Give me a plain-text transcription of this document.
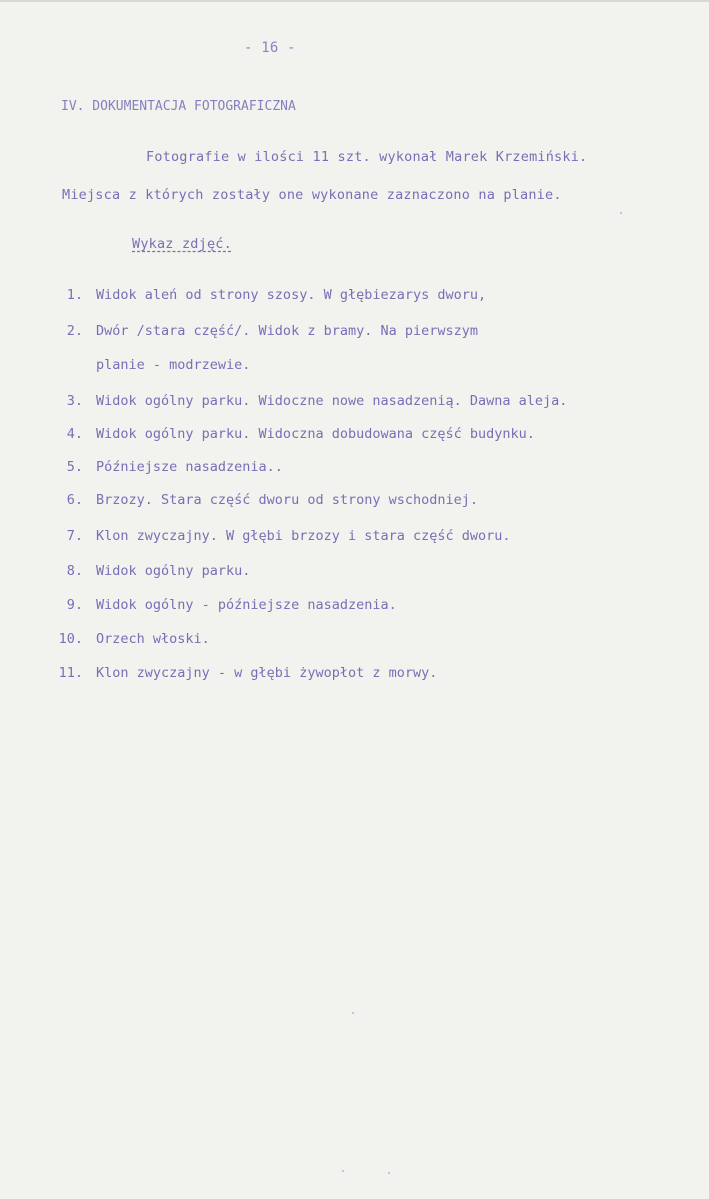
- 16 -
IV. DOKUMENTACJA FOTOGRAFICZNA
Fotografie w ilości 11 szt. wykonał Marek Krzemiński.
Miejsca z których zostały one wykonane zaznaczono na planie.
Wykaz zdjęć.
1. Widok aleń od strony szosy. W głębiezarys dworu,
2. Dwór /stara część/. Widok z bramy. Na pierwszym
planie - modrzewie.
3. Widok ogólny parku. Widoczne nowe nasadzenią. Dawna aleja.
4. Widok ogólny parku. Widoczna dobudowana część budynku.
5. Późniejsze nasadzenia..
6. Brzozy. Stara część dworu od strony wschodniej.
7. Klon zwyczajny. W głębi brzozy i stara część dworu.
8. Widok ogólny parku.
9. Widok ogólny - późniejsze nasadzenia.
10. Orzech włoski.
11. Klon zwyczajny - w głębi żywopłot z morwy.
